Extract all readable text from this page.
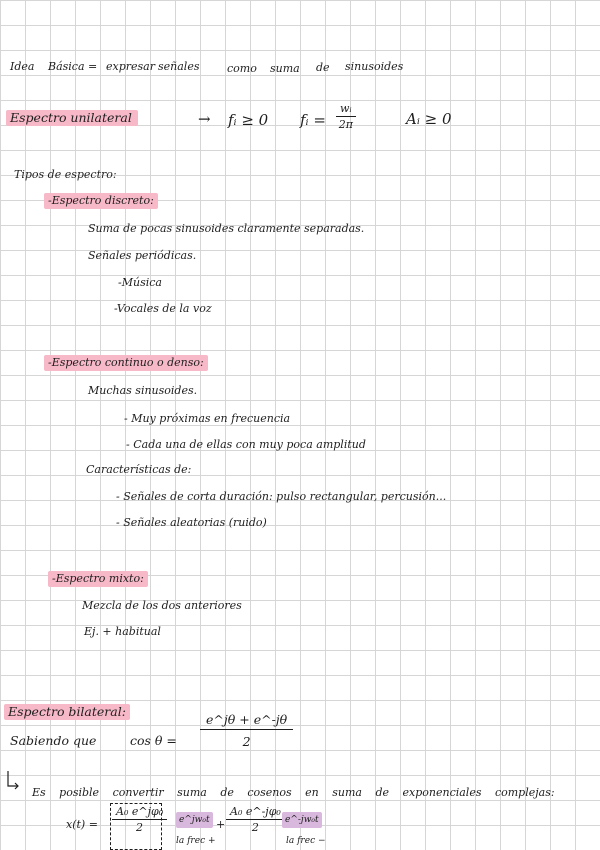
Idea Básica = expresar señales	como suma de sinusoides
Espectro unilateral	→ fᵢ ≥ 0 fᵢ = $\frac{\text{wᵢ}}{2\pi}$	Aᵢ ≥ 0
Tipos de espectro:
-Espectro discreto:
Suma de pocas sinusoides claramente separadas.
Señales periódicas.
-Música
-Vocales de la voz
-Espectro continuo o denso:
Muchas sinusoides.
- Muy próximas en frecuencia
- Cada una de ellas con muy poca amplitud
Características de:
- Señales de corta duración: pulso rectangular, percusión...
- Señales aleatorias (ruido)
-Espectro mixto:
Mezcla de los dos anteriores
Ej. + habitual
Espectro bilateral:
Sabiendo que	$\cos \theta = \frac{e\^{}j\theta + e\^{}-j\theta}{2}$
Es posible convertir suma de cosenos en suma de exponenciales complejas:
$x(t) = \frac{\text{A₀ e\textasciicircum{}jφ₀}}{2}$	e^jw₀t
la frec +
+ $\frac{\text{A₀ e\textasciicircum{}-jφ₀}}{2}$ e^-jw₀t
la frec −
